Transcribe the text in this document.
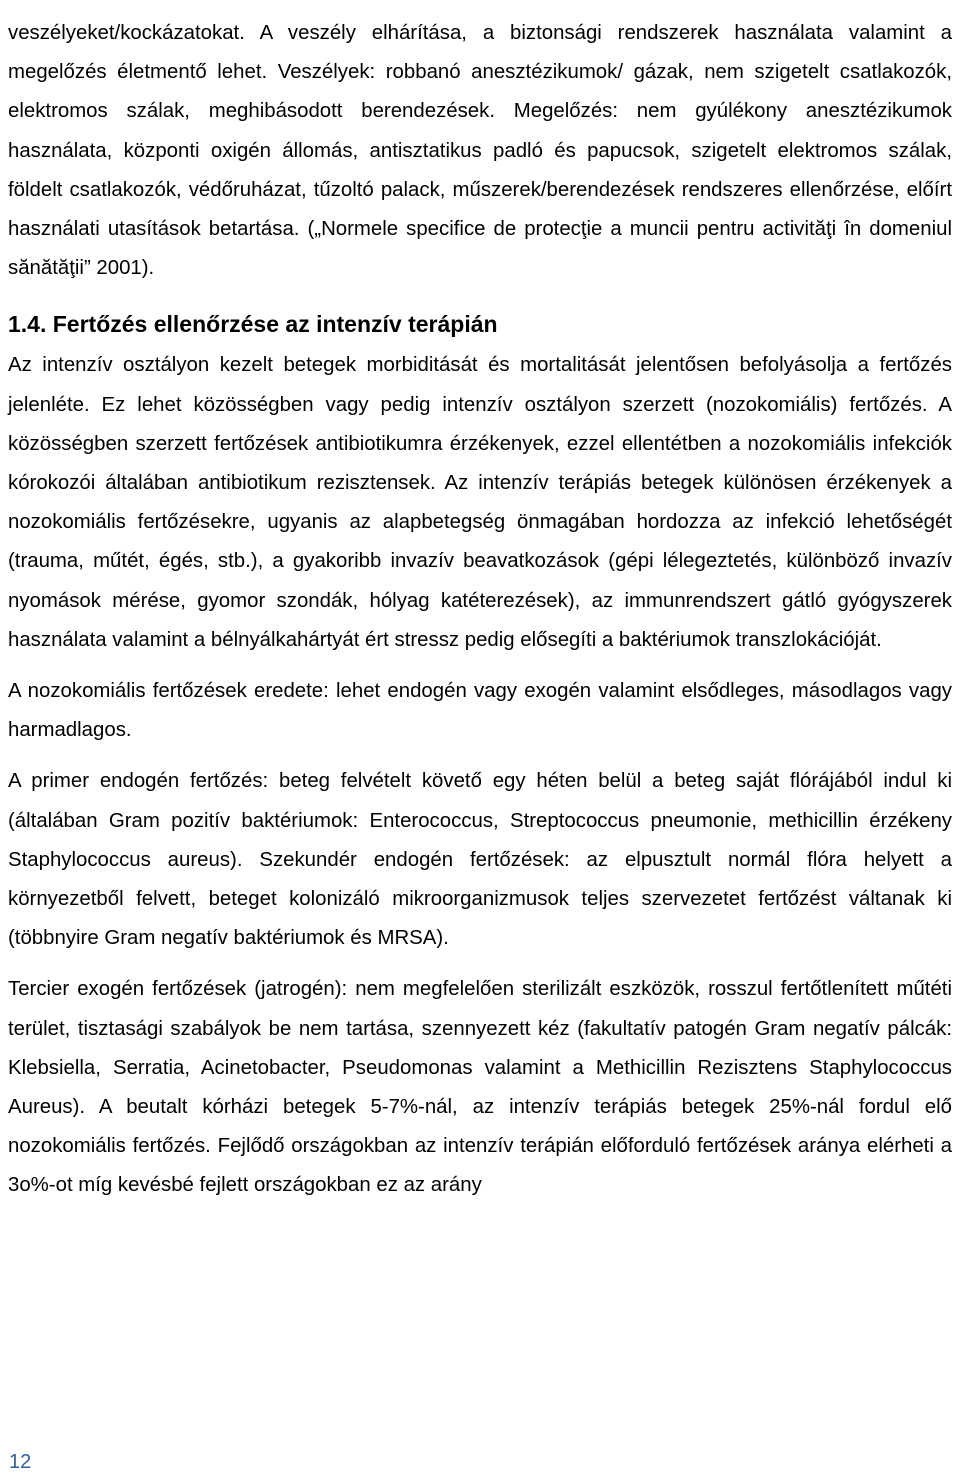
veszélyeket/kockázatokat. A veszély elhárítása, a biztonsági rendszerek használata valamint a megelőzés életmentő lehet. Veszélyek: robbanó anesztézikumok/ gázak, nem szigetelt csatlakozók, elektromos szálak, meghibásodott berendezések. Megelőzés: nem gyúlékony anesztézikumok használata, központi oxigén állomás, antisztatikus padló és papucsok, szigetelt elektromos szálak, földelt csatlakozók, védőruházat, tűzoltó palack, műszerek/berendezések rendszeres ellenőrzése, előírt használati utasítások betartása. („Normele specifice de protecţie a muncii pentru activităţi în domeniul sănătăţii” 2001).

1.4. Fertőzés ellenőrzése az intenzív terápián

Az intenzív osztályon kezelt betegek morbiditását és mortalitását jelentősen befolyásolja a fertőzés jelenléte. Ez lehet közösségben vagy pedig intenzív osztályon szerzett (nozokomiális) fertőzés. A közösségben szerzett fertőzések antibiotikumra érzékenyek, ezzel ellentétben a nozokomiális infekciók kórokozói általában antibiotikum rezisztensek. Az intenzív terápiás betegek különösen érzékenyek a nozokomiális fertőzésekre, ugyanis az alapbetegség önmagában hordozza az infekció lehetőségét (trauma, műtét, égés, stb.), a gyakoribb invazív beavatkozások (gépi lélegeztetés, különböző invazív nyomások mérése, gyomor szondák, hólyag katéterezések), az immunrendszert gátló gyógyszerek használata valamint a bélnyálkahártyát ért stressz pedig elősegíti a baktériumok transzlokációját.

A nozokomiális fertőzések eredete: lehet endogén vagy exogén valamint elsődleges, másodlagos vagy harmadlagos.

A primer endogén fertőzés: beteg felvételt követő egy héten belül a beteg saját flórájából indul ki (általában Gram pozitív baktériumok: Enterococcus, Streptococcus pneumonie, methicillin érzékeny Staphylococcus aureus). Szekundér endogén fertőzések: az elpusztult normál flóra helyett a környezetből felvett, beteget kolonizáló mikroorganizmusok teljes szervezetet fertőzést váltanak ki (többnyire Gram negatív baktériumok és MRSA).

Tercier exogén fertőzések (jatrogén): nem megfelelően sterilizált eszközök, rosszul fertőtlenített műtéti terület, tisztasági szabályok be nem tartása, szennyezett kéz (fakultatív patogén Gram negatív pálcák: Klebsiella, Serratia, Acinetobacter, Pseudomonas valamint a Methicillin Rezisztens Staphylococcus Aureus). A beutalt kórházi betegek 5-7%-nál, az intenzív terápiás betegek 25%-nál fordul elő nozokomiális fertőzés. Fejlődő országokban az intenzív terápián előforduló fertőzések aránya elérheti a 3o%-ot míg kevésbé fejlett országokban ez az arány

12
